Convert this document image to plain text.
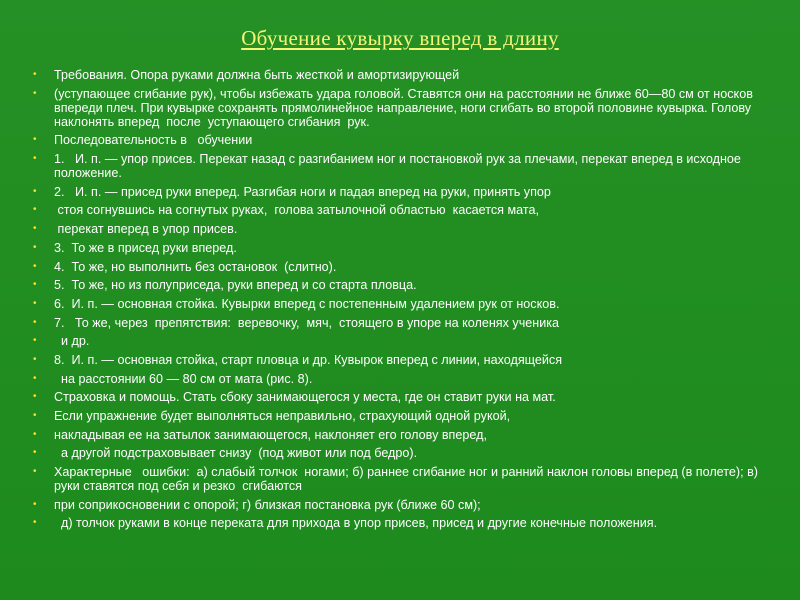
Обучение кувырку вперед в длину
• Требования. Опора руками должна быть жесткой и амортизирующей
• (уступающее сгибание рук), чтобы избежать удара головой. Ставятся они на расстоянии не ближе 60—80 см от носков впереди плеч. При кувырке сохранять прямолинейное направление, ноги сгибать во второй половине кувырка. Голову наклонять вперед  после  уступающего сгибания  рук.
• Последовательность в   обучении
• 1.   И. п. — упор присев. Перекат назад с разгибанием ног и постановкой рук за плечами, перекат вперед в исходное положение.
• 2.   И. п. — присед руки вперед. Разгибая ноги и падая вперед на руки, принять упор
• стоя согнувшись на согнутых руках,  голова затылочной областью  касается мата,
• перекат вперед в упор присев.
• 3.  То же в присед руки вперед.
• 4.  То же, но выполнить без остановок  (слитно).
• 5.  То же, но из полуприседа, руки вперед и со старта пловца.
• 6.  И. п. — основная стойка. Кувырки вперед с постепенным удалением рук от носков.
• 7.   То же, через  препятствия:  веревочку,  мяч,  стоящего в упоре на коленях ученика
• и др.
• 8.  И. п. — основная стойка, старт пловца и др. Кувырок вперед с линии, находящейся
• на расстоянии 60 — 80 см от мата (рис. 8).
• Страховка и помощь. Стать сбоку занимающегося у места, где он ставит руки на мат.
• Если упражнение будет выполняться неправильно, страхующий одной рукой,
• накладывая ее на затылок занимающегося, наклоняет его голову вперед,
• а другой подстраховывает снизу  (под живот или под бедро).
• Характерные   ошибки:  а) слабый толчок  ногами; б) раннее сгибание ног и ранний наклон головы вперед (в полете); в)  руки ставятся под себя и резко  сгибаются
• при соприкосновении с опорой; г) близкая постановка рук (ближе 60 см);
• д) толчок руками в конце переката для прихода в упор присев, присед и другие конечные положения.
